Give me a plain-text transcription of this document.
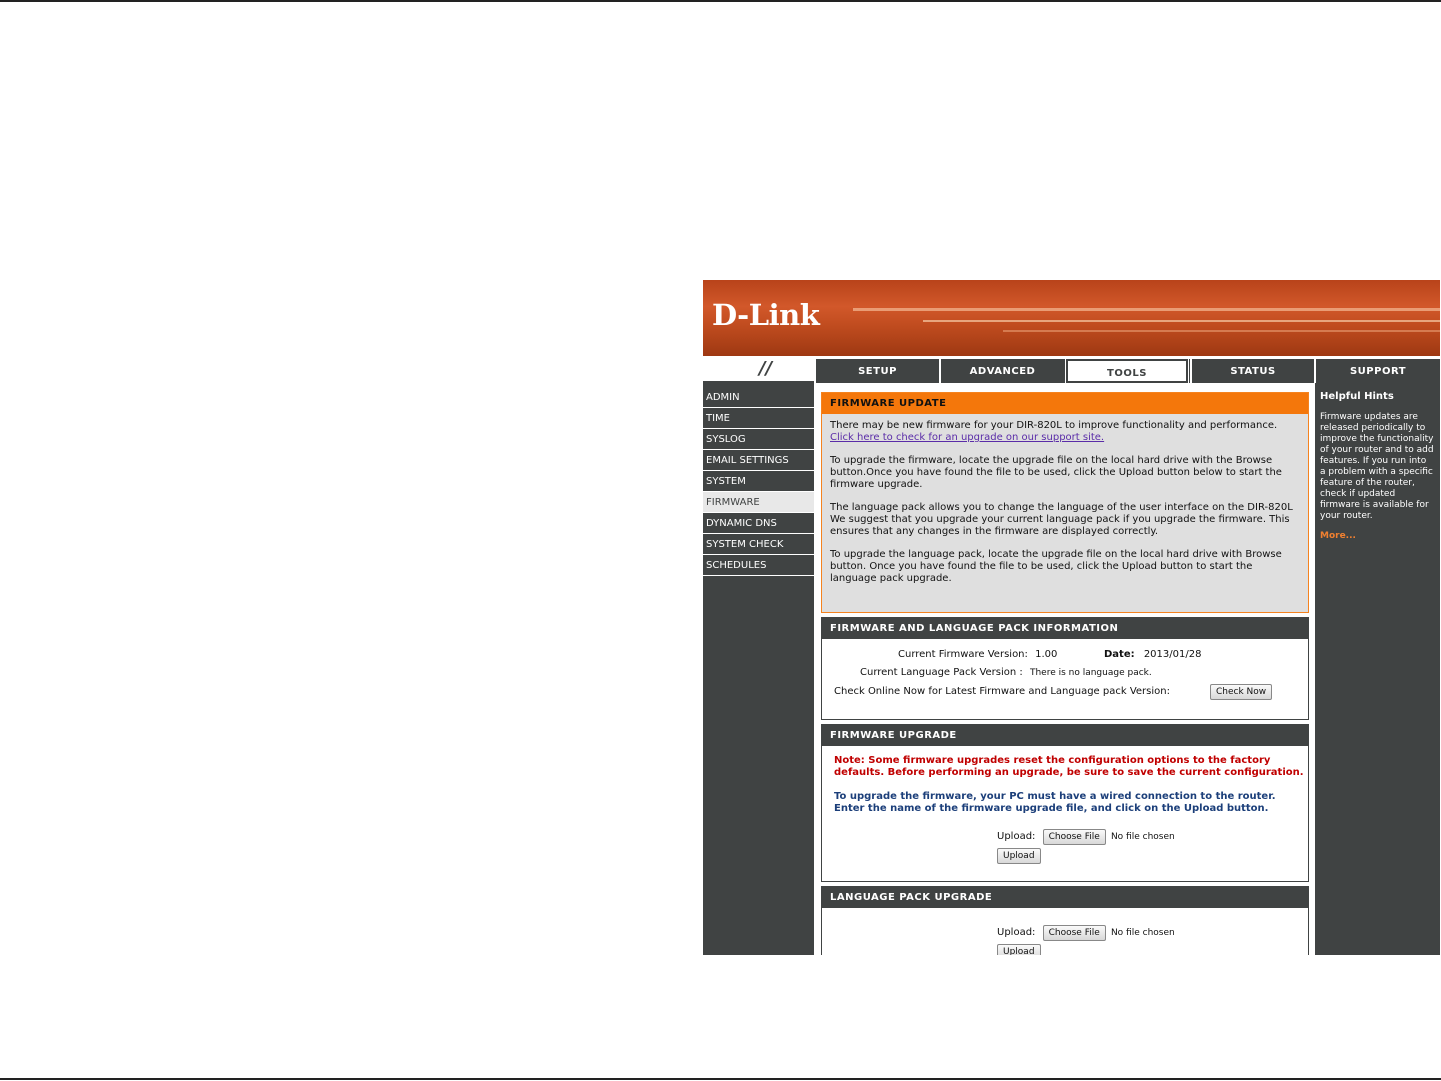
D-Link
//	SETUP	ADVANCED	TOOLS	STATUS	SUPPORT
ADMIN
TIME
SYSLOG
EMAIL SETTINGS
SYSTEM
FIRMWARE
DYNAMIC DNS
SYSTEM CHECK
SCHEDULES
FIRMWARE UPDATE

There may be new firmware for your DIR-820L to improve functionality and performance.

Click here to check for an upgrade on our support site.

To upgrade the firmware, locate the upgrade file on the local hard drive with the Browse button.Once you have found the file to be used, click the Upload button below to start the firmware upgrade.

The language pack allows you to change the language of the user interface on the DIR-820L We suggest that you upgrade your current language pack if you upgrade the firmware. This ensures that any changes in the firmware are displayed correctly.

To upgrade the language pack, locate the upgrade file on the local hard drive with Browse button. Once you have found the file to be used, click the Upload button to start the language pack upgrade.

FIRMWARE AND LANGUAGE PACK INFORMATION
Current Firmware Version: 1.00	Date: 2013/01/28
Current Language Pack Version : There is no language pack.
Check Online Now for Latest Firmware and Language pack Version:	Check Now
FIRMWARE UPGRADE
Note: Some firmware upgrades reset the configuration options to the factory defaults. Before performing an upgrade, be sure to save the current configuration.
To upgrade the firmware, your PC must have a wired connection to the router. Enter the name of the firmware upgrade file, and click on the Upload button.
Upload: Choose File No file chosen
Upload
LANGUAGE PACK UPGRADE
Upload: Choose File No file chosen
Upload
Helpful Hints

Firmware updates are released periodically to improve the functionality of your router and to add features. If you run into a problem with a specific feature of the router, check if updated firmware is available for your router.

More...
